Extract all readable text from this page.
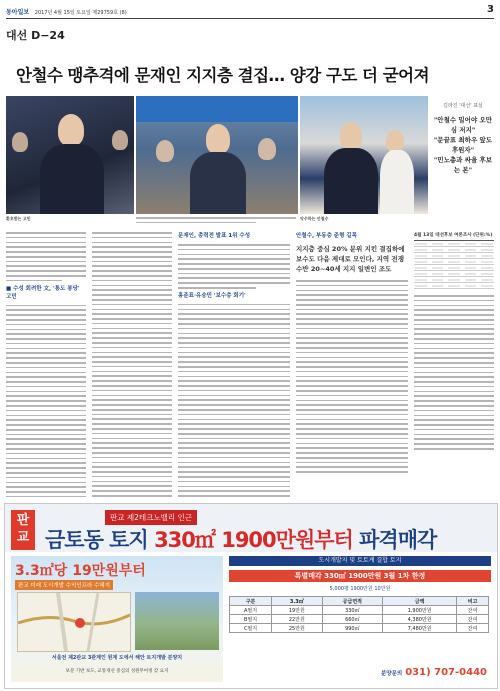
동아일보 2017년 4월 15일 토요일 제29759호 (8)	3
대선 D−24
안철수 맹추격에 문재인 지지층 결집… 양강 구도 더 굳어져
환호받는 고민	악수하는 안철수
길라진 '대선' 표심
"안철수 밀어야 오만심 저지"
"문끝표 최하우 앞도 후원자"
"민노총과 싸울 후보는 본"
■ 수성 회려한 文, '통도 봉당' 고민
문재인, 총력전 발표 1위 수성
홍준표·유승민 '보수층 회기'
안철수, 부동층 준형 길목
지지층 중심 20% 분위 지킨 결집하에 보수도 다음 제대로 모인다, 지역 전쟁 수반 20~40세 지지 일변인 조도
4월 13일 대선후보 여론조사 (단위:%)
판교
판교 제2테크노밸리 인근
금토동 토지 330㎡ 1900만원부터 파격매각
3.3㎡당 19만원부터
판교 미래 도시개발 수익인프라 수혜지
서울전 제2판교 3관계인 원계 도에서 해안 토지개발 분양지
보문 기반 보도, 교통개선 중심의 성원무여정 갖 요지
도시개발지 및 토토계 결합 토지
특별매각 330㎡ 1900만원 3월 1차 한정
5,000평 1900만원 10만원
구분	3.3㎡	공급면적	금액	비고
A필지	19만원	330㎡	1,900만원	잔여
B필지	22만원	660㎡	4,380만원	잔여
C필지	25만원	990㎡	7,480만원	잔여
분양문의 031) 707-0440
